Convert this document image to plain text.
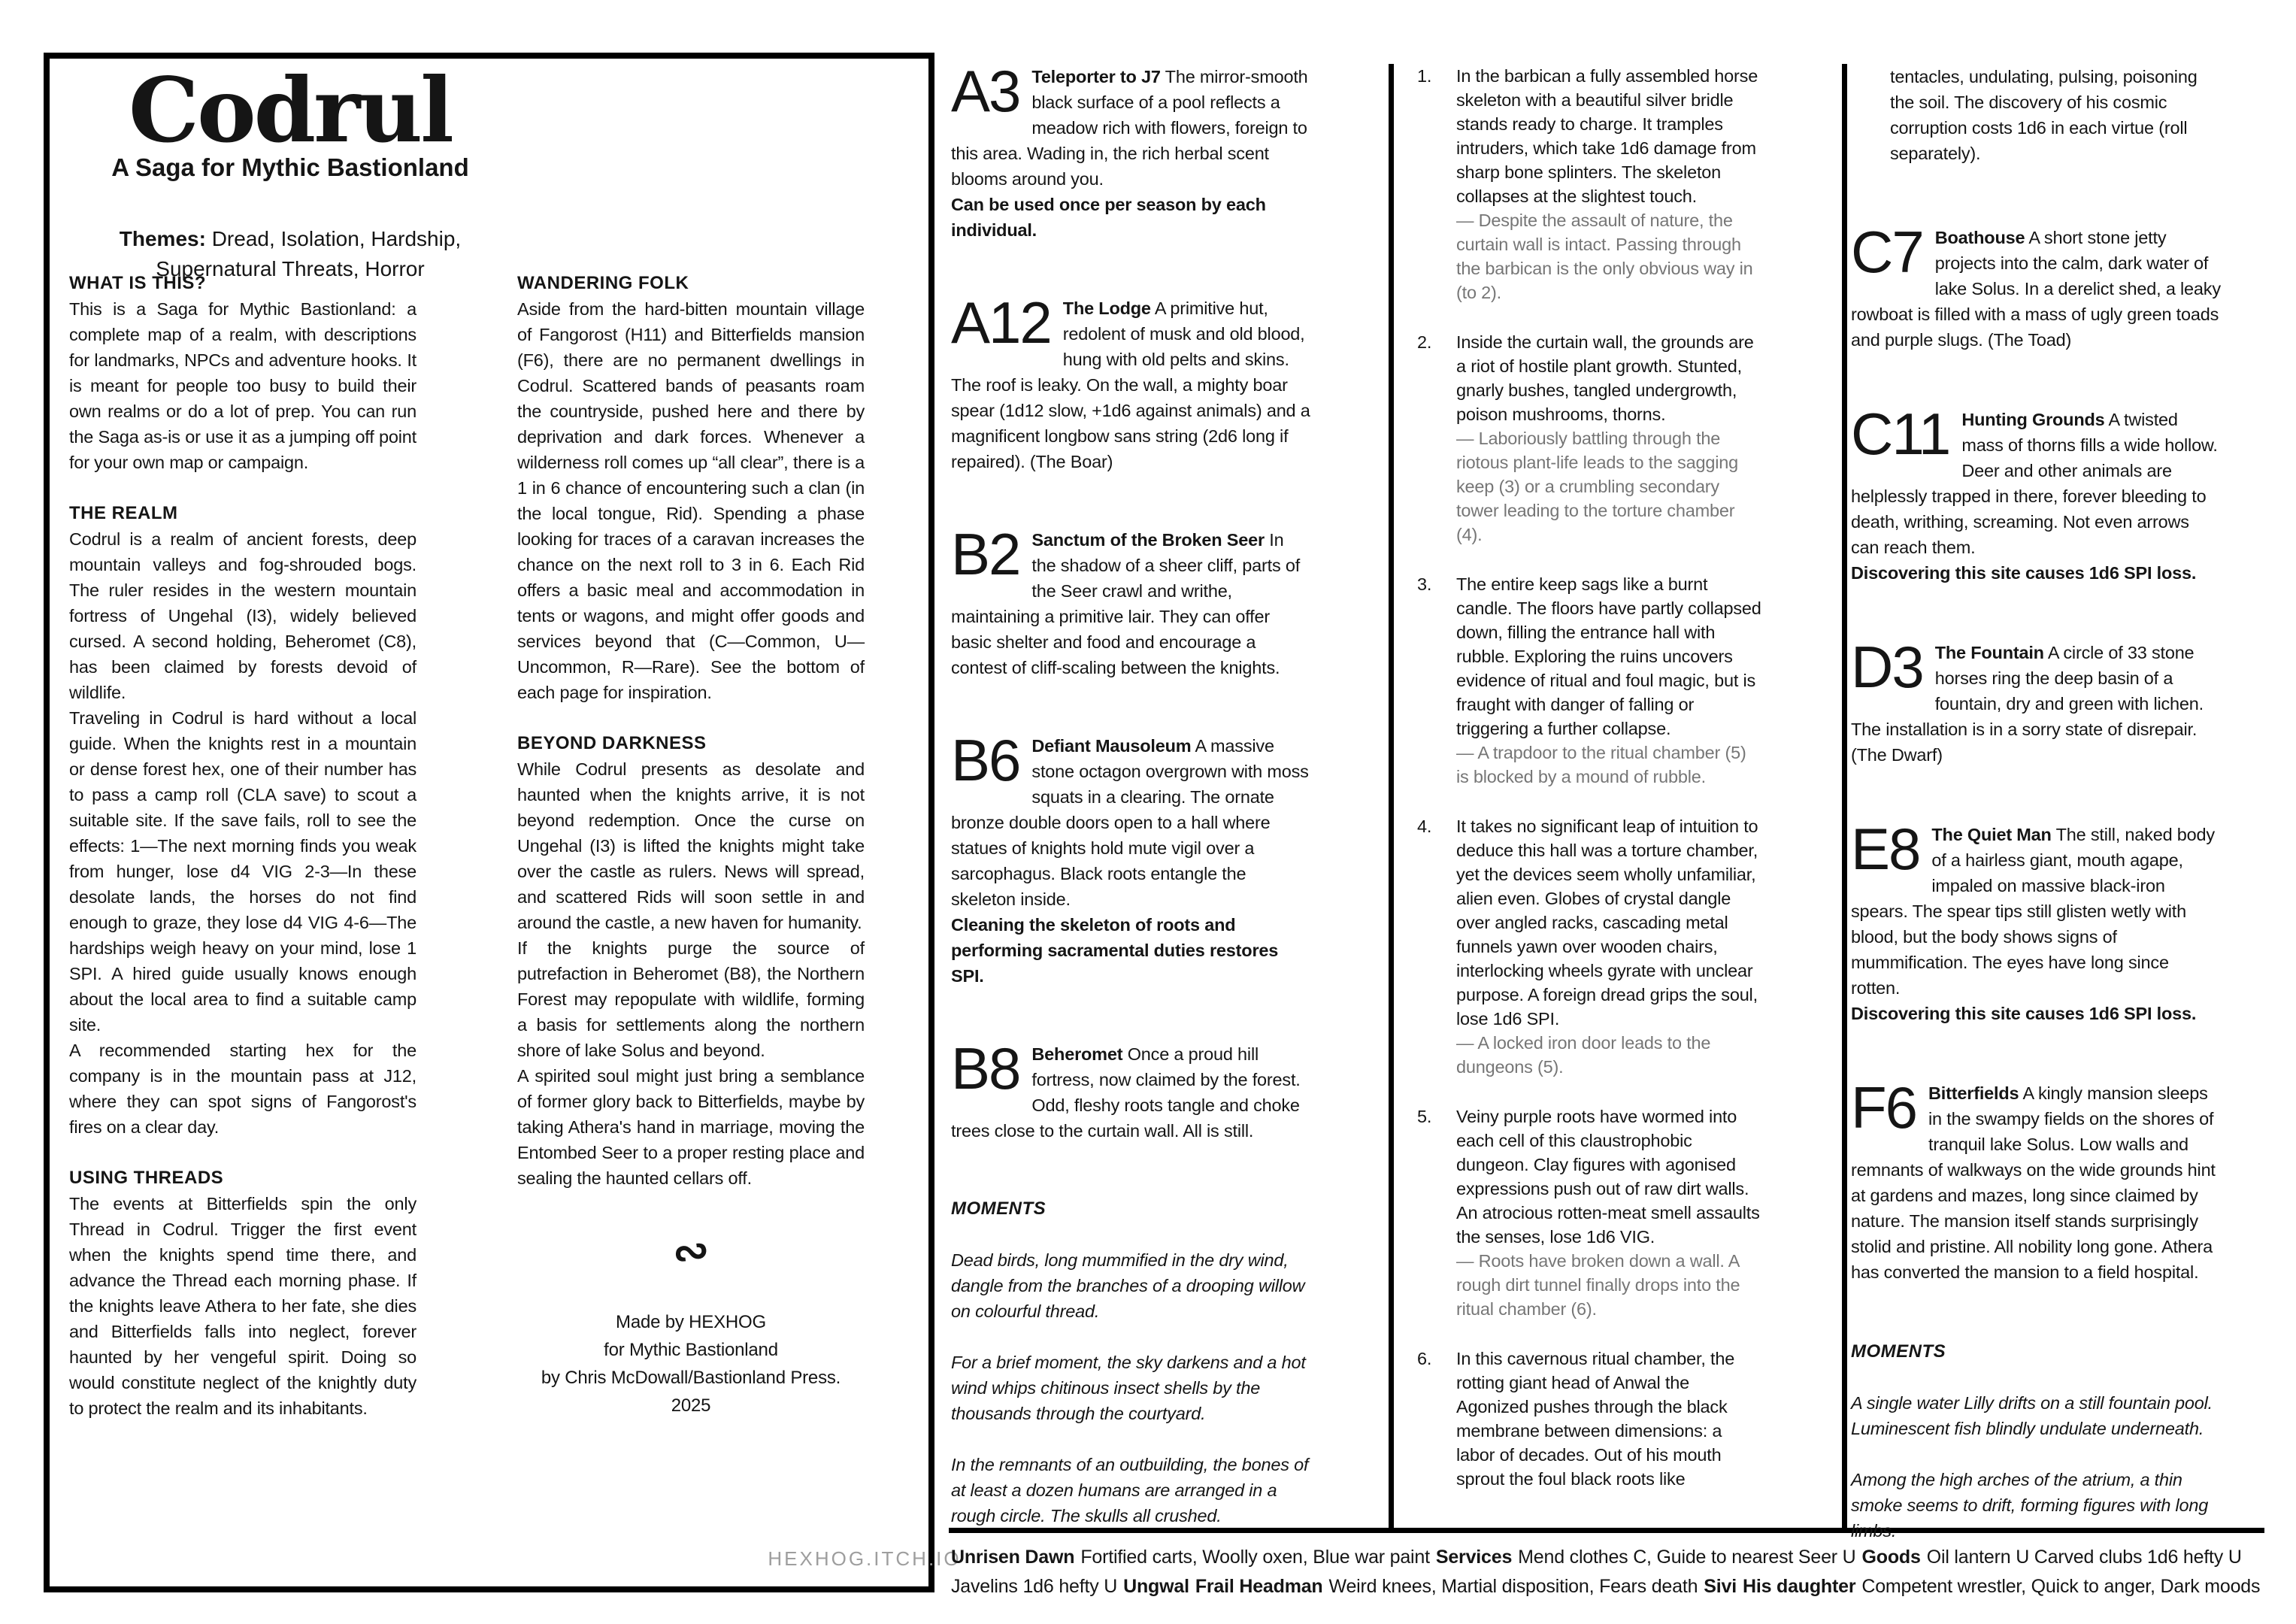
Codrul
A Saga for Mythic Bastionland
Themes: Dread, Isolation, Hardship,
Supernatural Threats, Horror

WHAT IS THIS?

This is a Saga for Mythic Bastionland: a complete map of a realm, with descriptions for landmarks, NPCs and adventure hooks. It is meant for people too busy to build their own realms or do a lot of prep. You can run the Saga as-is or use it as a jumping off point for your own map or campaign.

THE REALM

Codrul is a realm of ancient forests, deep mountain valleys and fog-shrouded bogs. The ruler resides in the western mountain fortress of Ungehal (I3), widely believed cursed. A second holding, Beheromet (C8), has been claimed by forests devoid of wildlife.

Traveling in Codrul is hard without a local guide. When the knights rest in a mountain or dense forest hex, one of their number has to pass a camp roll (CLA save) to scout a suitable site. If the save fails, roll to see the effects: 1—The next morning finds you weak from hunger, lose d4 VIG 2-3—In these desolate lands, the horses do not find enough to graze, they lose d4 VIG 4-6—The hardships weigh heavy on your mind, lose 1 SPI. A hired guide usually knows enough about the local area to find a suitable camp site.

A recommended starting hex for the company is in the mountain pass at J12, where they can spot signs of Fangorost's fires on a clear day.

USING THREADS

The events at Bitterfields spin the only Thread in Codrul. Trigger the first event when the knights spend time there, and advance the Thread each morning phase. If the knights leave Athera to her fate, she dies and Bitterfields falls into neglect, forever haunted by her vengeful spirit. Doing so would constitute neglect of the knightly duty to protect the realm and its inhabitants.

WANDERING FOLK

Aside from the hard-bitten mountain village of Fangorost (H11) and Bitterfields mansion (F6), there are no permanent dwellings in Codrul. Scattered bands of peasants roam the countryside, pushed here and there by deprivation and dark forces. Whenever a wilderness roll comes up “all clear”, there is a 1 in 6 chance of encountering such a clan (in the local tongue, Rid). Spending a phase looking for traces of a caravan increases the chance on the next roll to 3 in 6. Each Rid offers a basic meal and accommodation in tents or wagons, and might offer goods and services beyond that (C—Common, U—Uncommon, R—Rare). See the bottom of each page for inspiration.

BEYOND DARKNESS

While Codrul presents as desolate and haunted when the knights arrive, it is not beyond redemption. Once the curse on Ungehal (I3) is lifted the knights might take over the castle as rulers. News will spread, and scattered Rids will soon settle in and around the castle, a new haven for humanity.

If the knights purge the source of putrefaction in Beheromet (B8), the Northern Forest may repopulate with wildlife, forming a basis for settlements along the northern shore of lake Solus and beyond.

A spirited soul might just bring a semblance of former glory back to Bitterfields, maybe by taking Athera's hand in marriage, moving the Entombed Seer to a proper resting place and sealing the haunted cellars off.

∾
Made by HEXHOG
for Mythic Bastionland
by Chris McDowall/Bastionland Press.
2025
HEXHOG.ITCH.IO
A3 Teleporter to J7 The mirror-smooth black surface of a pool reflects a meadow rich with flowers, foreign to this area. Wading in, the rich herbal scent blooms around you.

Can be used once per season by each individual.

A12 The Lodge A primitive hut, redolent of musk and old blood, hung with old pelts and skins. The roof is leaky. On the wall, a mighty boar spear (1d12 slow, +1d6 against animals) and a magnificent longbow sans string (2d6 long if repaired). (The Boar)

B2 Sanctum of the Broken Seer In the shadow of a sheer cliff, parts of the Seer crawl and writhe, maintaining a primitive lair. They can offer basic shelter and food and encourage a contest of cliff-scaling between the knights.

B6 Defiant Mausoleum A massive stone octagon overgrown with moss squats in a clearing. The ornate bronze double doors open to a hall where statues of knights hold mute vigil over a sarcophagus. Black roots entangle the skeleton inside.

Cleaning the skeleton of roots and performing sacramental duties restores SPI.

B8 Beheromet Once a proud hill fortress, now claimed by the forest. Odd, fleshy roots tangle and choke trees close to the curtain wall. All is still.

MOMENTS

Dead birds, long mummified in the dry wind, dangle from the branches of a drooping willow on colourful thread.

For a brief moment, the sky darkens and a hot wind whips chitinous insect shells by the thousands through the courtyard.

In the remnants of an outbuilding, the bones of at least a dozen humans are arranged in a rough circle. The skulls all crushed.

1. In the barbican a fully assembled horse skeleton with a beautiful silver bridle stands ready to charge. It tramples intruders, which take 1d6 damage from sharp bone splinters. The skeleton collapses at the slightest touch.
— Despite the assault of nature, the curtain wall is intact. Passing through the barbican is the only obvious way in (to 2).
2. Inside the curtain wall, the grounds are a riot of hostile plant growth. Stunted, gnarly bushes, tangled undergrowth, poison mushrooms, thorns.
— Laboriously battling through the riotous plant-life leads to the sagging keep (3) or a crumbling secondary tower leading to the torture chamber (4).
3. The entire keep sags like a burnt candle. The floors have partly collapsed down, filling the entrance hall with rubble. Exploring the ruins uncovers evidence of ritual and foul magic, but is fraught with danger of falling or triggering a further collapse.
— A trapdoor to the ritual chamber (5) is blocked by a mound of rubble.
4. It takes no significant leap of intuition to deduce this hall was a torture chamber, yet the devices seem wholly unfamiliar, alien even. Globes of crystal dangle over angled racks, cascading metal funnels yawn over wooden chairs, interlocking wheels gyrate with unclear purpose. A foreign dread grips the soul, lose 1d6 SPI.
— A locked iron door leads to the dungeons (5).
5. Veiny purple roots have wormed into each cell of this claustrophobic dungeon. Clay figures with agonised expressions push out of raw dirt walls. An atrocious rotten-meat smell assaults the senses, lose 1d6 VIG.
— Roots have broken down a wall. A rough dirt tunnel finally drops into the ritual chamber (6).
6. In this cavernous ritual chamber, the rotting giant head of Anwal the Agonized pushes through the black membrane between dimensions: a labor of decades. Out of his mouth sprout the foul black roots like

tentacles, undulating, pulsing, poisoning the soil. The discovery of his cosmic corruption costs 1d6 in each virtue (roll separately).

C7 Boathouse A short stone jetty projects into the calm, dark water of lake Solus. In a derelict shed, a leaky rowboat is filled with a mass of ugly green toads and purple slugs. (The Toad)

C11 Hunting Grounds A twisted mass of thorns fills a wide hollow. Deer and other animals are helplessly trapped in there, forever bleeding to death, writhing, screaming. Not even arrows can reach them.

Discovering this site causes 1d6 SPI loss.

D3 The Fountain A circle of 33 stone horses ring the deep basin of a fountain, dry and green with lichen. The installation is in a sorry state of disrepair. (The Dwarf)

E8 The Quiet Man The still, naked body of a hairless giant, mouth agape, impaled on massive black-iron spears. The spear tips still glisten wetly with blood, but the body shows signs of mummification. The eyes have long since rotten.

Discovering this site causes 1d6 SPI loss.

F6 Bitterfields A kingly mansion sleeps in the swampy fields on the shores of tranquil lake Solus. Low walls and remnants of walkways on the wide grounds hint at gardens and mazes, long since claimed by nature. The mansion itself stands surprisingly stolid and pristine. All nobility long gone. Athera has converted the mansion to a field hospital.

MOMENTS

A single water Lilly drifts on a still fountain pool. Luminescent fish blindly undulate underneath.

Among the high arches of the atrium, a thin smoke seems to drift, forming figures with long limbs.

Unrisen Dawn Fortified carts, Woolly oxen, Blue war paint Services Mend clothes C, Guide to nearest Seer U Goods Oil lantern U Carved clubs 1d6 hefty U Javelins 1d6 hefty U Ungwal Frail Headman Weird knees, Martial disposition, Fears death Sivi His daughter Competent wrestler, Quick to anger, Dark moods
